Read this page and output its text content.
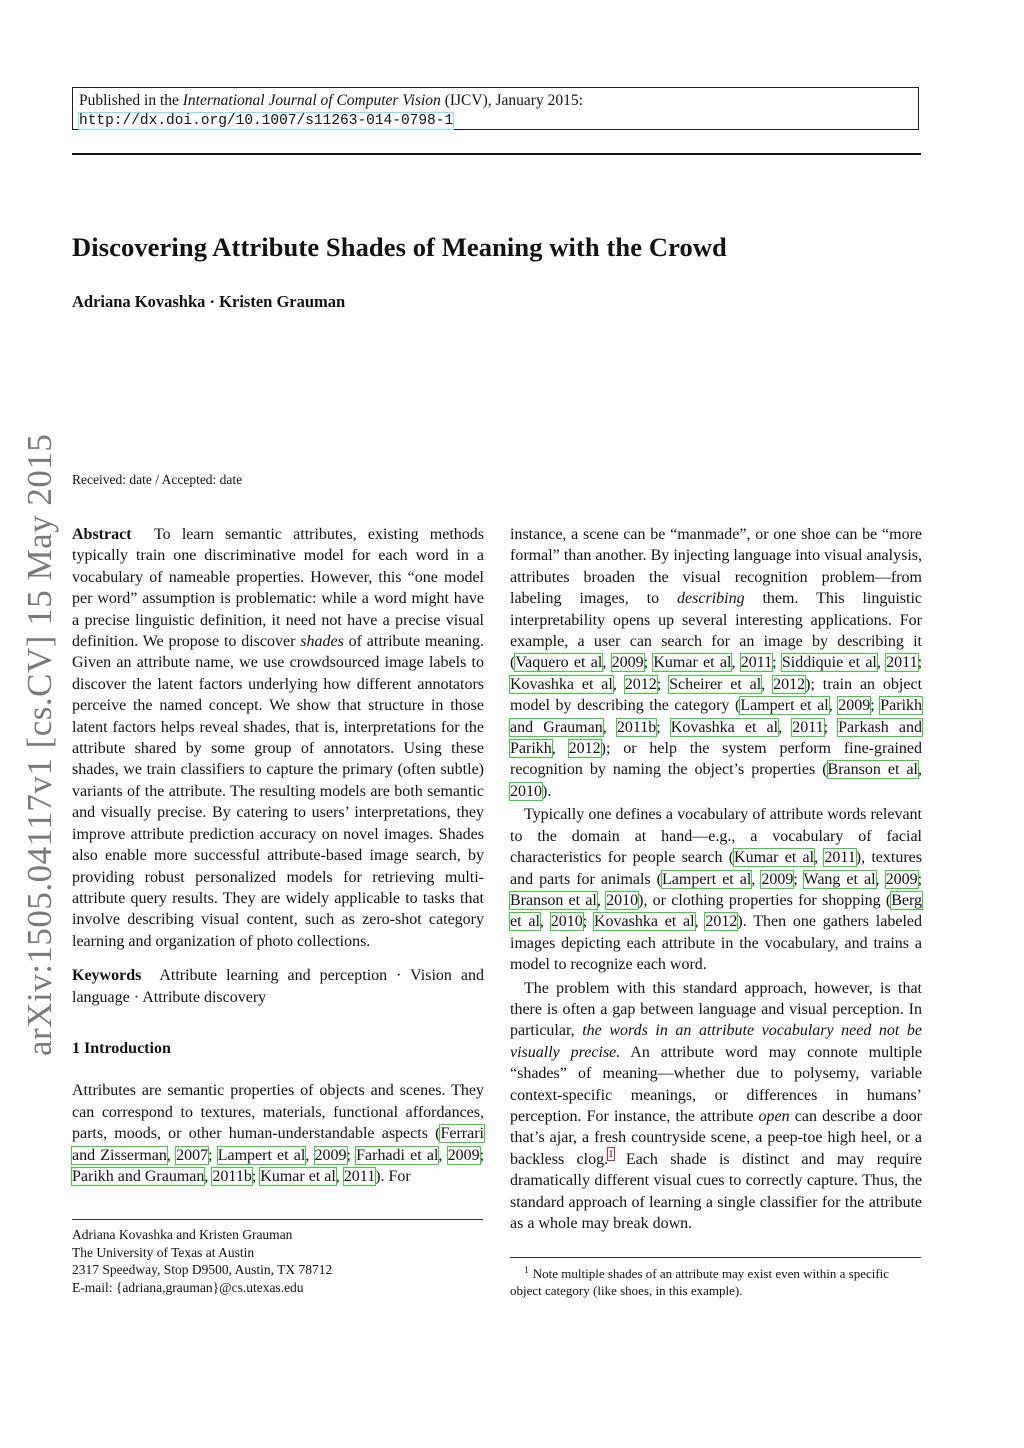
Published in the International Journal of Computer Vision (IJCV), January 2015:
http://dx.doi.org/10.1007/s11263-014-0798-1
Discovering Attribute Shades of Meaning with the Crowd
Adriana Kovashka · Kristen Grauman
arXiv:1505.04117v1 [cs.CV] 15 May 2015 Received: date / Accepted: date

Abstract To learn semantic attributes, existing methods typically train one discriminative model for each word in a vocabulary of nameable properties. However, this “one model per word” assumption is problematic: while a word might have a precise linguistic definition, it need not have a precise visual definition. We propose to discover shades of attribute meaning. Given an attribute name, we use crowdsourced image labels to discover the latent factors underlying how different annotators perceive the named concept. We show that structure in those latent factors helps reveal shades, that is, interpretations for the attribute shared by some group of annotators. Using these shades, we train classifiers to capture the primary (often subtle) variants of the attribute. The resulting models are both semantic and visually precise. By catering to users’ interpretations, they improve attribute prediction accuracy on novel images. Shades also enable more successful attribute-based image search, by providing robust personalized models for retrieving multi-attribute query results. They are widely applicable to tasks that involve describing visual content, such as zero-shot category learning and organization of photo collections.

Keywords Attribute learning and perception · Vision and language · Attribute discovery

1 Introduction

Attributes are semantic properties of objects and scenes. They can correspond to textures, materials, functional affordances, parts, moods, or other human-understandable aspects (Ferrari and Zisserman, 2007; Lampert et al, 2009; Farhadi et al, 2009; Parikh and Grauman, 2011b; Kumar et al, 2011). For

Adriana Kovashka and Kristen Grauman
The University of Texas at Austin
2317 Speedway, Stop D9500, Austin, TX 78712
E-mail: {adriana,grauman}@cs.utexas.edu

instance, a scene can be “manmade”, or one shoe can be “more formal” than another. By injecting language into visual analysis, attributes broaden the visual recognition problem—from labeling images, to describing them. This linguistic interpretability opens up several interesting applications. For example, a user can search for an image by describing it (Vaquero et al, 2009; Kumar et al, 2011; Siddiquie et al, 2011; Kovashka et al, 2012; Scheirer et al, 2012); train an object model by describing the category (Lampert et al, 2009; Parikh and Grauman, 2011b; Kovashka et al, 2011; Parkash and Parikh, 2012); or help the system perform fine-grained recognition by naming the object’s properties (Branson et al, 2010).

Typically one defines a vocabulary of attribute words relevant to the domain at hand—e.g., a vocabulary of facial characteristics for people search (Kumar et al, 2011), textures and parts for animals (Lampert et al, 2009; Wang et al, 2009; Branson et al, 2010), or clothing properties for shopping (Berg et al, 2010; Kovashka et al, 2012). Then one gathers labeled images depicting each attribute in the vocabulary, and trains a model to recognize each word.

The problem with this standard approach, however, is that there is often a gap between language and visual perception. In particular, the words in an attribute vocabulary need not be visually precise. An attribute word may connote multiple “shades” of meaning—whether due to polysemy, variable context-specific meanings, or differences in humans’ perception. For instance, the attribute open can describe a door that’s ajar, a fresh countryside scene, a peep-toe high heel, or a backless clog.$^1$ Each shade is distinct and may require dramatically different visual cues to correctly capture. Thus, the standard approach of learning a single classifier for the attribute as a whole may break down.

$^1$ Note multiple shades of an attribute may exist even within a specific object category (like shoes, in this example).
